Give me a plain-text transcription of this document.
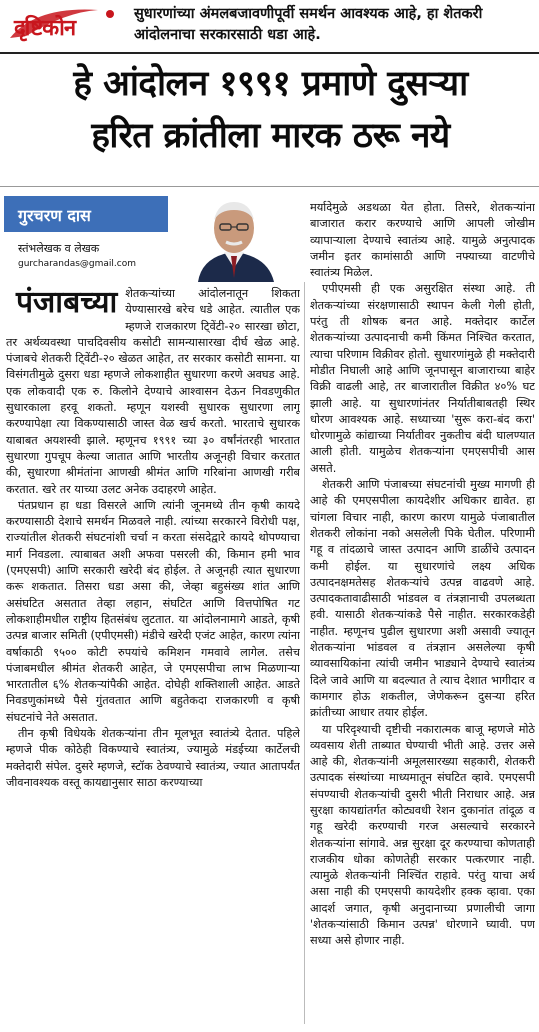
दृष्टिकोन
सुधारणांच्या अंमलबजावणीपूर्वी समर्थन आवश्यक आहे, हा शेतकरी आंदोलनाचा सरकारसाठी धडा आहे.
हे आंदोलन १९९१ प्रमाणे दुसऱ्या
हरित क्रांतीला मारक ठरू नये
गुरचरण दास
स्तंभलेखक व लेखक
gurcharandas@gmail.com

पंजाबच्या शेतकऱ्यांच्या आंदोलनातून शिकता येण्यासारखे बरेच धडे आहेत. त्यातील एक म्हणजे राजकारण टि्वेंटी-२० सारखा छोटा, तर अर्थव्यवस्था पाचदिवसीय कसोटी सामन्यासारखा दीर्घ खेळ आहे. पंजाबचे शेतकरी टि्वेंटी-२० खेळत आहेत, तर सरकार कसोटी सामना. या विसंगतीमुळे दुसरा धडा म्हणजे लोकशाहीत सुधारणा करणे अवघड आहे. एक लोकवादी एक रु. किलोने देण्याचे आश्वासन देऊन निवडणुकीत सुधारकाला हरवू शकतो. म्हणून यशस्वी सुधारक सुधारणा लागू करण्यापेक्षा त्या विकण्यासाठी जास्त वेळ खर्च करतो. भारताचे सुधारक याबाबत अयशस्वी झाले. म्हणूनच १९९१ च्या ३० वर्षांनंतरही भारतात सुधारणा गुपचूप केल्या जातात आणि भारतीय अजूनही विचार करतात की, सुधारणा श्रीमंतांना आणखी श्रीमंत आणि गरिबांना आणखी गरीब करतात. खरे तर याच्या उलट अनेक उदाहरणे आहेत.

पंतप्रधान हा धडा विसरले आणि त्यांनी जूनमध्ये तीन कृषी कायदे करण्यासाठी देशाचे समर्थन मिळवले नाही. त्यांच्या सरकारने विरोधी पक्ष, राज्यांतील शेतकरी संघटनांशी चर्चा न करता संसदेद्वारे कायदे थोपण्याचा मार्ग निवडला. त्याबाबत अशी अफवा पसरली की, किमान हमी भाव (एमएसपी) आणि सरकारी खरेदी बंद होईल. ते अजूनही त्यात सुधारणा करू शकतात. तिसरा धडा असा की, जेव्हा बहुसंख्य शांत आणि असंघटित असतात तेव्हा लहान, संघटित आणि वित्तपोषित गट लोकशाहीमधील राष्ट्रीय हितसंबंध लुटतात. या आंदोलनामागे आडते, कृषी उत्पन्न बाजार समिती (एपीएमसी) मंडीचे खरेदी एजंट आहेत, कारण त्यांना वर्षाकाठी ९५०० कोटी रुपयांचे कमिशन गमवावे लागेल. तसेच पंजाबमधील श्रीमंत शेतकरी आहेत, जे एमएसपीचा लाभ मिळणाऱ्या भारतातील ६% शेतकऱ्यांपैकी आहेत. दोघेही शक्तिशाली आहेत. आडते निवडणुकांमध्ये पैसे गुंतवतात आणि बहुतेकदा राजकारणी व कृषी संघटनांचे नेते असतात.

तीन कृषी विधेयके शेतकऱ्यांना तीन मूलभूत स्वातंत्र्ये देतात. पहिले म्हणजे पीक कोठेही विकण्याचे स्वातंत्र्य, ज्यामुळे मंडईच्या कार्टेलची मक्तेदारी संपेल. दुसरे म्हणजे, स्टॉक ठेवण्याचे स्वातंत्र्य, ज्यात आतापर्यंत जीवनावश्यक वस्तू कायद्यानुसार साठा करण्याच्या

मर्यादेमुळे अडथळा येत होता. तिसरे, शेतकऱ्यांना बाजारात करार करण्याचे आणि आपली जोखीम व्यापाऱ्याला देण्याचे स्वातंत्र्य आहे. यामुळे अनुत्पादक जमीन इतर कामांसाठी आणि नफ्याच्या वाटणीचे स्वातंत्र्य मिळेल.

एपीएमसी ही एक असुरक्षित संस्था आहे. ती शेतकऱ्यांच्या संरक्षणासाठी स्थापन केली गेली होती, परंतु ती शोषक बनत आहे. मक्तेदार कार्टेल शेतकऱ्यांच्या उत्पादनाची कमी किंमत निश्चित करतात, त्याचा परिणाम विक्रीवर होतो. सुधारणांमुळे ही मक्तेदारी मोडीत निघाली आहे आणि जूनपासून बाजाराच्या बाहेर विक्री वाढली आहे, तर बाजारातील विक्रीत ४०% घट झाली आहे. या सुधारणांनंतर निर्यातीबाबतही स्थिर धोरण आवश्यक आहे. सध्याच्या 'सुरू करा-बंद करा' धोरणामुळे कांद्याच्या निर्यातीवर नुकतीच बंदी घालण्यात आली होती. यामुळेच शेतकऱ्यांना एमएसपीची आस असते.

शेतकरी आणि पंजाबच्या संघटनांची मुख्य मागणी ही आहे की एमएसपीला कायदेशीर अधिकार द्यावेत. हा चांगला विचार नाही, कारण कारण यामुळे पंजाबातील शेतकरी लोकांना नको असलेली पिके घेतील. परिणामी गहू व तांदळाचे जास्त उत्पादन आणि डाळींचे उत्पादन कमी होईल. या सुधारणांचे लक्ष्य अधिक उत्पादनक्षमतेसह शेतकऱ्यांचे उत्पन्न वाढवणे आहे. उत्पादकतावाढीसाठी भांडवल व तंत्रज्ञानाची उपलब्धता हवी. यासाठी शेतकऱ्यांकडे पैसे नाहीत. सरकारकडेही नाहीत. म्हणूनच पुढील सुधारणा अशी असावी ज्यातून शेतकऱ्यांना भांडवल व तंत्रज्ञान असलेल्या कृषी व्यावसायिकांना त्यांची जमीन भाड्याने देण्याचे स्वातंत्र्य दिले जावे आणि या बदल्यात ते त्याच देशात भागीदार व कामगार होऊ शकतील, जेणेकरून दुसऱ्या हरित क्रांतीच्या आधार तयार होईल.

या परिदृश्याची दृष्टीची नकारात्मक बाजू म्हणजे मोठे व्यवसाय शेती ताब्यात घेण्याची भीती आहे. उत्तर असे आहे की, शेतकऱ्यांनी अमूलसारख्या सहकारी, शेतकरी उत्पादक संस्थांच्या माध्यमातून संघटित व्हावे. एमएसपी संपण्याची शेतकऱ्यांची दुसरी भीती निराधार आहे. अन्न सुरक्षा कायद्यांतर्गत कोट्यवधी रेशन दुकानांत तांदूळ व गहू खरेदी करण्याची गरज असल्याचे सरकारने शेतकऱ्यांना सांगावे. अन्न सुरक्षा दूर करण्याचा कोणताही राजकीय धोका कोणतेही सरकार पत्करणार नाही. त्यामुळे शेतकऱ्यांनी निश्चिंत राहावे. परंतु याचा अर्थ असा नाही की एमएसपी कायदेशीर हक्क व्हावा. एका आदर्श जगात, कृषी अनुदानाच्या प्रणालीची जागा 'शेतकऱ्यांसाठी किमान उत्पन्न' धोरणाने घ्यावी. पण सध्या असे होणार नाही.
